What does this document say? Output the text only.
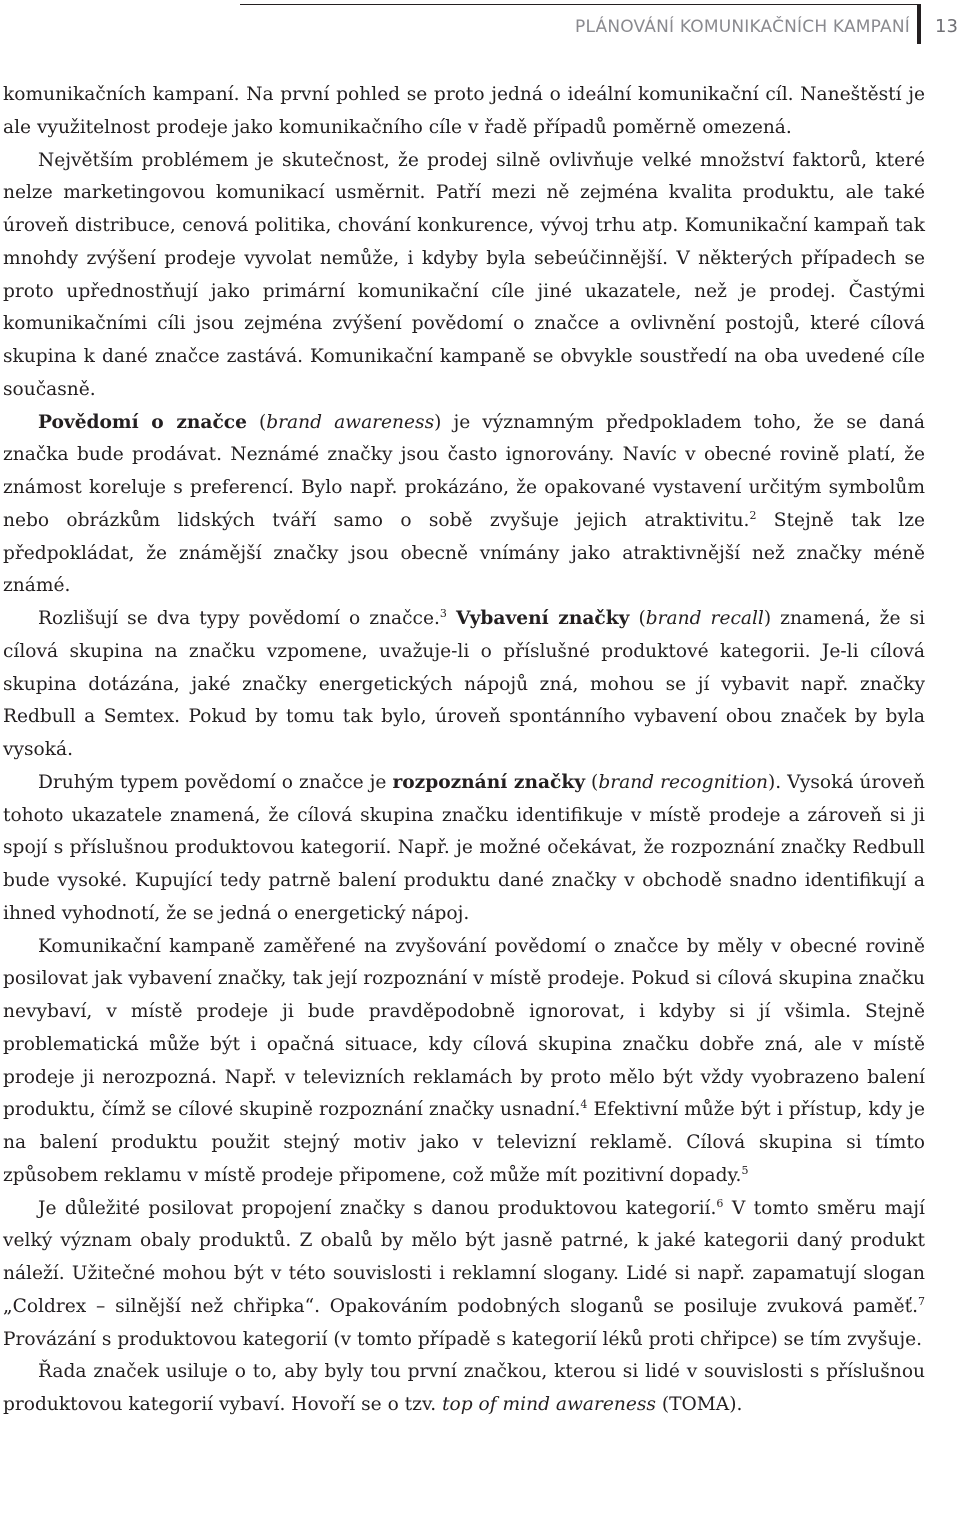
PLÁNOVÁNÍ KOMUNIKAČNÍCH KAMPANÍ 13

komunikačních kampaní. Na první pohled se proto jedná o ideální komunikační cíl. Naneštěstí je ale využitelnost prodeje jako komunikačního cíle v řadě případů poměrně omezená.

Největším problémem je skutečnost, že prodej silně ovlivňuje velké množství faktorů, které nelze marketingovou komunikací usměrnit. Patří mezi ně zejména kvalita produktu, ale také úroveň distribuce, cenová politika, chování konkurence, vývoj trhu atp. Komunikační kampaň tak mnohdy zvýšení prodeje vyvolat nemůže, i kdyby byla sebeúčinnější. V některých případech se proto upřednostňují jako primární komunikační cíle jiné ukazatele, než je prodej. Častými komunikačními cíli jsou zejména zvýšení povědomí o značce a ovlivnění postojů, které cílová skupina k dané značce zastává. Komunikační kampaně se obvykle soustředí na oba uvedené cíle současně.

Povědomí o značce (brand awareness) je významným předpokladem toho, že se daná značka bude prodávat. Neznámé značky jsou často ignorovány. Navíc v obecné rovině platí, že známost koreluje s preferencí. Bylo např. prokázáno, že opakované vystavení určitým symbolům nebo obrázkům lidských tváří samo o sobě zvyšuje jejich atraktivitu.$^2$ Stejně tak lze předpokládat, že známější značky jsou obecně vnímány jako atraktivnější než značky méně známé.

Rozlišují se dva typy povědomí o značce.$^3$ Vybavení značky (brand recall) znamená, že si cílová skupina na značku vzpomene, uvažuje-li o příslušné produktové kategorii. Je-li cílová skupina dotázána, jaké značky energetických nápojů zná, mohou se jí vybavit např. značky Redbull a Semtex. Pokud by tomu tak bylo, úroveň spontánního vybavení obou značek by byla vysoká.

Druhým typem povědomí o značce je rozpoznání značky (brand recognition). Vysoká úroveň tohoto ukazatele znamená, že cílová skupina značku identifikuje v místě prodeje a zároveň si ji spojí s příslušnou produktovou kategorií. Např. je možné očekávat, že rozpoznání značky Redbull bude vysoké. Kupující tedy patrně balení produktu dané značky v obchodě snadno identifikují a ihned vyhodnotí, že se jedná o energetický nápoj.

Komunikační kampaně zaměřené na zvyšování povědomí o značce by měly v obecné rovině posilovat jak vybavení značky, tak její rozpoznání v místě prodeje. Pokud si cílová skupina značku nevybaví, v místě prodeje ji bude pravděpodobně ignorovat, i kdyby si jí všimla. Stejně problematická může být i opačná situace, kdy cílová skupina značku dobře zná, ale v místě prodeje ji nerozpozná. Např. v televizních reklamách by proto mělo být vždy vyobrazeno balení produktu, čímž se cílové skupině rozpoznání značky usnadní.$^4$ Efektivní může být i přístup, kdy je na balení produktu použit stejný motiv jako v televizní reklamě. Cílová skupina si tímto způsobem reklamu v místě prodeje připomene, což může mít pozitivní dopady.$^5$

Je důležité posilovat propojení značky s danou produktovou kategorií.$^6$ V tomto směru mají velký význam obaly produktů. Z obalů by mělo být jasně patrné, k jaké kategorii daný produkt náleží. Užitečné mohou být v této souvislosti i reklamní slogany. Lidé si např. zapamatují slogan „Coldrex – silnější než chřipka“. Opakováním podobných sloganů se posiluje zvuková paměť.$^7$ Provázání s produktovou kategorií (v tomto případě s kategorií léků proti chřipce) se tím zvyšuje.

Řada značek usiluje o to, aby byly tou první značkou, kterou si lidé v souvislosti s příslušnou produktovou kategorií vybaví. Hovoří se o tzv. top of mind awareness (TOMA).
